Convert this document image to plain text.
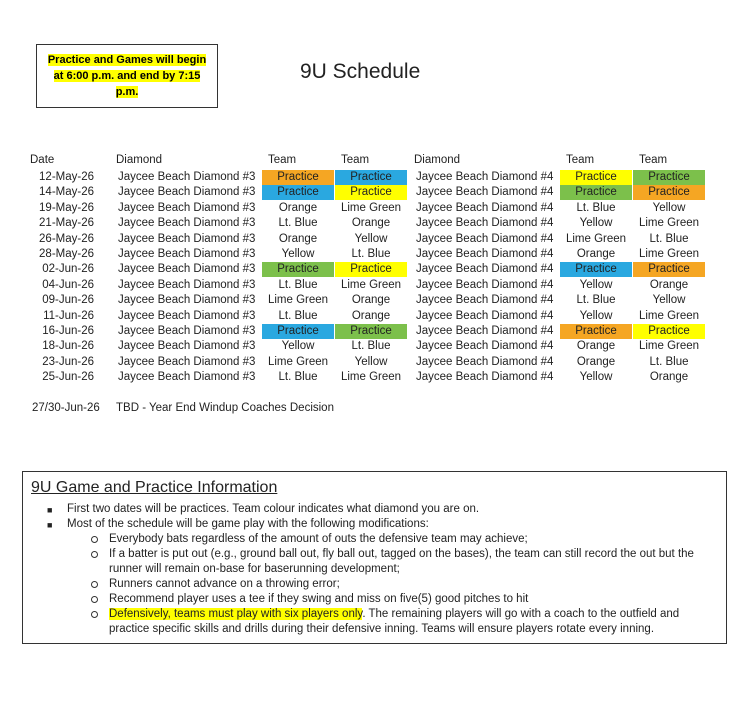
Practice and Games will begin
at 6:00 p.m. and end by 7:15
p.m.
9U Schedule
Date	Diamond	Team	Team	Diamond	Team	Team
12-May-26 Jaycee Beach Diamond #3	Practice	Practice	Jaycee Beach Diamond #4	Practice	Practice
14-May-26 Jaycee Beach Diamond #3	Practice	Practice	Jaycee Beach Diamond #4	Practice	Practice
19-May-26 Jaycee Beach Diamond #3	Orange	Lime Green	Jaycee Beach Diamond #4	Lt. Blue	Yellow
21-May-26 Jaycee Beach Diamond #3	Lt. Blue	Orange	Jaycee Beach Diamond #4	Yellow	Lime Green
26-May-26 Jaycee Beach Diamond #3	Orange	Yellow	Jaycee Beach Diamond #4	Lime Green	Lt. Blue
28-May-26 Jaycee Beach Diamond #3	Yellow	Lt. Blue	Jaycee Beach Diamond #4	Orange	Lime Green
02-Jun-26 Jaycee Beach Diamond #3	Practice	Practice	Jaycee Beach Diamond #4	Practice	Practice
04-Jun-26 Jaycee Beach Diamond #3	Lt. Blue	Lime Green	Jaycee Beach Diamond #4	Yellow	Orange
09-Jun-26 Jaycee Beach Diamond #3	Lime Green	Orange	Jaycee Beach Diamond #4	Lt. Blue	Yellow
11-Jun-26 Jaycee Beach Diamond #3	Lt. Blue	Orange	Jaycee Beach Diamond #4	Yellow	Lime Green
16-Jun-26 Jaycee Beach Diamond #3	Practice	Practice	Jaycee Beach Diamond #4	Practice	Practice
18-Jun-26 Jaycee Beach Diamond #3	Yellow	Lt. Blue	Jaycee Beach Diamond #4	Orange	Lime Green
23-Jun-26 Jaycee Beach Diamond #3	Lime Green	Yellow	Jaycee Beach Diamond #4	Orange	Lt. Blue
25-Jun-26 Jaycee Beach Diamond #3	Lt. Blue	Lime Green	Jaycee Beach Diamond #4	Yellow	Orange
27/30-Jun-26 TBD - Year End Windup Coaches Decision
9U Game and Practice Information
■ First two dates will be practices. Team colour indicates what diamond you are on.
■ Most of the schedule will be game play with the following modifications:
Everybody bats regardless of the amount of outs the defensive team may achieve;
If a batter is put out (e.g., ground ball out, fly ball out, tagged on the bases), the team can still record the out but the
runner will remain on-base for baserunning development;
Runners cannot advance on a throwing error;
Recommend player uses a tee if they swing and miss on five(5) good pitches to hit
Defensively, teams must play with six players only. The remaining players will go with a coach to the outfield and
practice specific skills and drills during their defensive inning. Teams will ensure players rotate every inning.
